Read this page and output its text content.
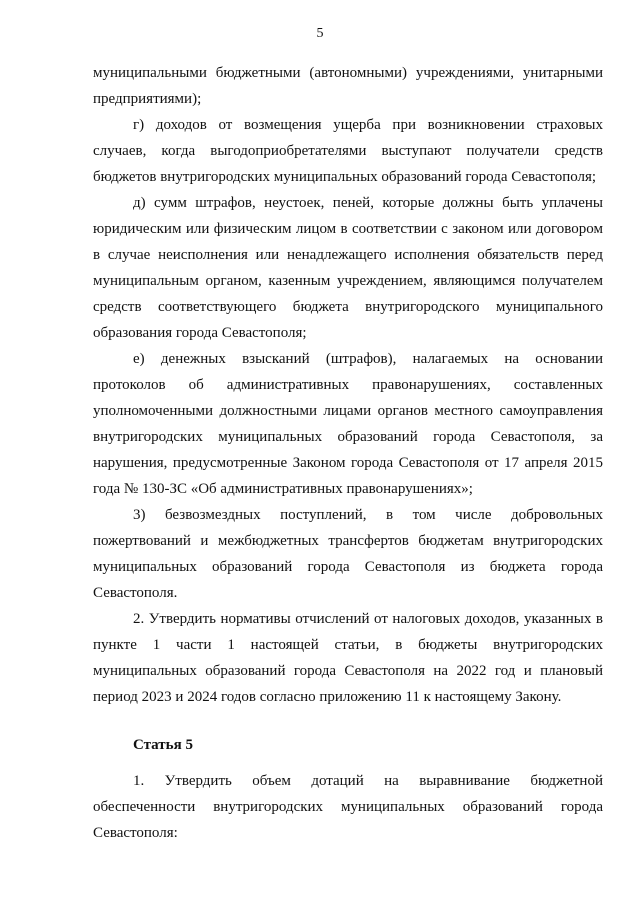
5

муниципальными бюджетными (автономными) учреждениями, унитарными предприятиями);

г) доходов от возмещения ущерба при возникновении страховых случаев, когда выгодоприобретателями выступают получатели средств бюджетов внутригородских муниципальных образований города Севастополя;

д) сумм штрафов, неустоек, пеней, которые должны быть уплачены юридическим или физическим лицом в соответствии с законом или договором в случае неисполнения или ненадлежащего исполнения обязательств перед муниципальным органом, казенным учреждением, являющимся получателем средств соответствующего бюджета внутригородского муниципального образования города Севастополя;

е) денежных взысканий (штрафов), налагаемых на основании протоколов об административных правонарушениях, составленных уполномоченными должностными лицами органов местного самоуправления внутригородских муниципальных образований города Севастополя, за нарушения, предусмотренные Законом города Севастополя от 17 апреля 2015 года № 130-ЗС «Об административных правонарушениях»;

3) безвозмездных поступлений, в том числе добровольных пожертвований и межбюджетных трансфертов бюджетам внутригородских муниципальных образований города Севастополя из бюджета города Севастополя.

2. Утвердить нормативы отчислений от налоговых доходов, указанных в пункте 1 части 1 настоящей статьи, в бюджеты внутригородских муниципальных образований города Севастополя на 2022 год и плановый период 2023 и 2024 годов согласно приложению 11 к настоящему Закону.

Статья 5

1. Утвердить объем дотаций на выравнивание бюджетной обеспеченности внутригородских муниципальных образований города Севастополя:
